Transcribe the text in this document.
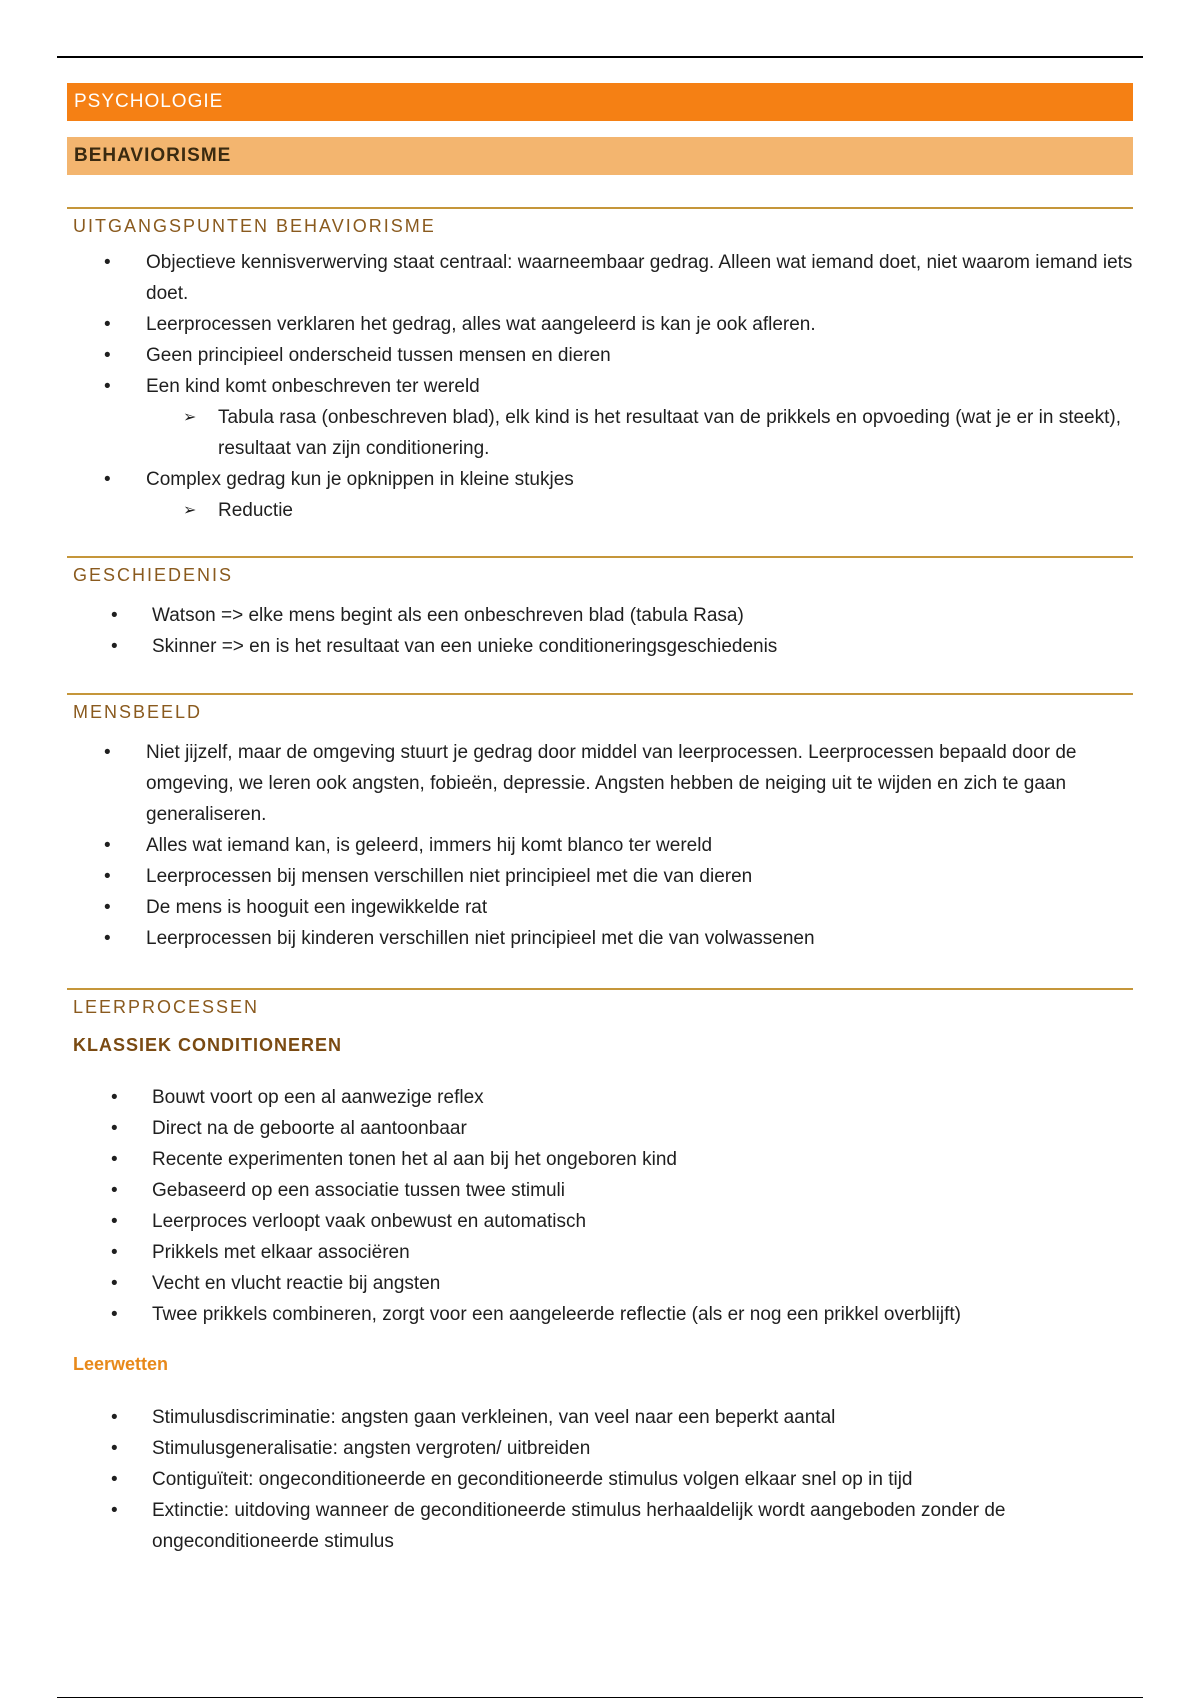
PSYCHOLOGIE
BEHAVIORISME
UITGANGSPUNTEN BEHAVIORISME
• Objectieve kennisverwerving staat centraal: waarneembaar gedrag. Alleen wat iemand doet, niet waarom iemand iets doet.
• Leerprocessen verklaren het gedrag, alles wat aangeleerd is kan je ook afleren.
• Geen principieel onderscheid tussen mensen en dieren
• Een kind komt onbeschreven ter wereld
➢ Tabula rasa (onbeschreven blad), elk kind is het resultaat van de prikkels en opvoeding (wat je er in steekt), resultaat van zijn conditionering.
• Complex gedrag kun je opknippen in kleine stukjes
➢ Reductie
GESCHIEDENIS
• Watson => elke mens begint als een onbeschreven blad (tabula Rasa)
• Skinner => en is het resultaat van een unieke conditioneringsgeschiedenis
MENSBEELD
• Niet jijzelf, maar de omgeving stuurt je gedrag door middel van leerprocessen. Leerprocessen bepaald door de omgeving, we leren ook angsten, fobieën, depressie. Angsten hebben de neiging uit te wijden en zich te gaan generaliseren.
• Alles wat iemand kan, is geleerd, immers hij komt blanco ter wereld
• Leerprocessen bij mensen verschillen niet principieel met die van dieren
• De mens is hooguit een ingewikkelde rat
• Leerprocessen bij kinderen verschillen niet principieel met die van volwassenen
LEERPROCESSEN
KLASSIEK CONDITIONEREN
• Bouwt voort op een al aanwezige reflex
• Direct na de geboorte al aantoonbaar
• Recente experimenten tonen het al aan bij het ongeboren kind
• Gebaseerd op een associatie tussen twee stimuli
• Leerproces verloopt vaak onbewust en automatisch
• Prikkels met elkaar associëren
• Vecht en vlucht reactie bij angsten
• Twee prikkels combineren, zorgt voor een aangeleerde reflectie (als er nog een prikkel overblijft)
Leerwetten
• Stimulusdiscriminatie: angsten gaan verkleinen, van veel naar een beperkt aantal
• Stimulusgeneralisatie: angsten vergroten/ uitbreiden
• Contiguïteit: ongeconditioneerde en geconditioneerde stimulus volgen elkaar snel op in tijd
• Extinctie: uitdoving wanneer de geconditioneerde stimulus herhaaldelijk wordt aangeboden zonder de ongeconditioneerde stimulus
